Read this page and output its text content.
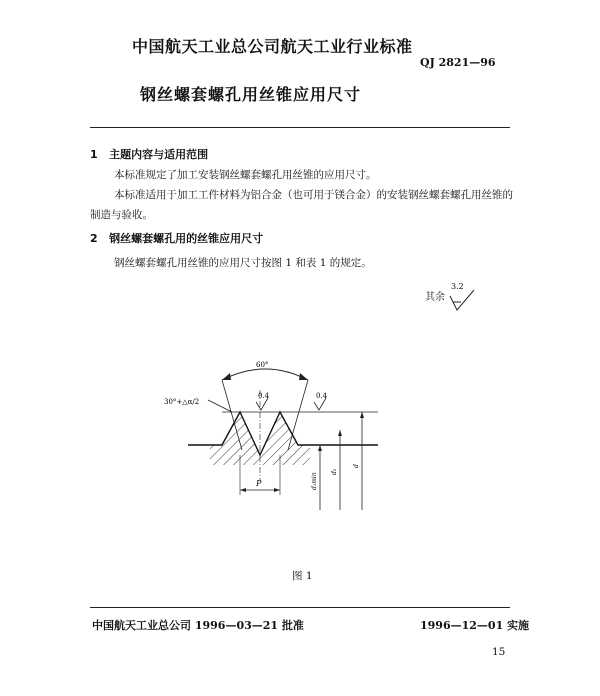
中国航天工业总公司航天工业行业标准
QJ 2821—96
钢丝螺套螺孔用丝锥应用尺寸
1 主题内容与适用范围
本标准规定了加工安装钢丝螺套螺孔用丝锥的应用尺寸。
本标准适用于加工工件材料为铝合金（也可用于镁合金）的安装钢丝螺套螺孔用丝锥的
制造与验收。
2 钢丝螺套螺孔用的丝锥应用尺寸
钢丝螺套螺孔用丝锥的应用尺寸按图 1 和表 1 的规定。
其余
3.2
60°
30°+△α/2
0.4	0.4
P	d₁min
d₂
d
图 1
中国航天工业总公司 1996—03—21 批准	1996—12—01 实施
15
